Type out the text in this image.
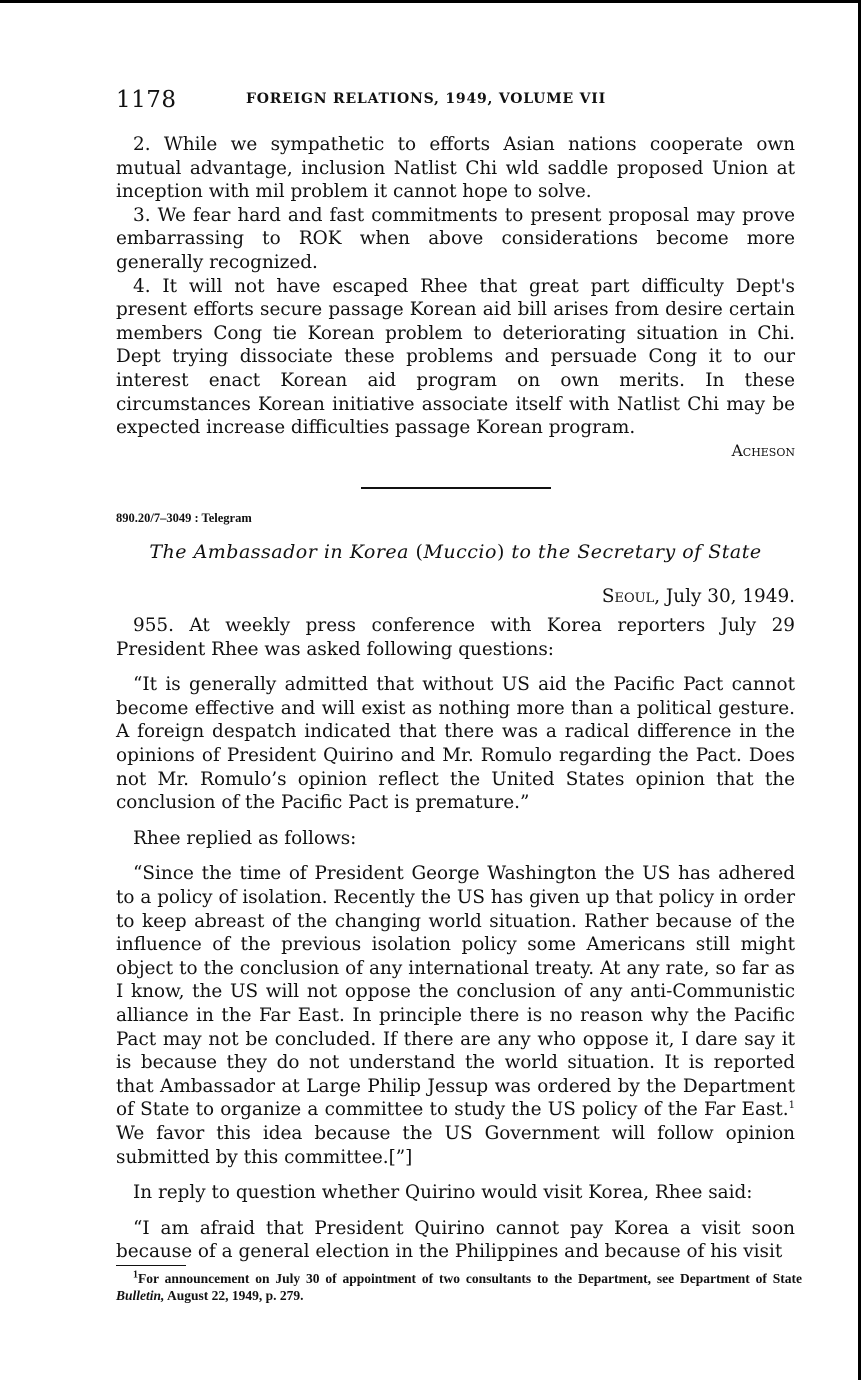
1178	FOREIGN RELATIONS, 1949, VOLUME VII

2. While we sympathetic to efforts Asian nations cooperate own mutual advantage, inclusion Natlist Chi wld saddle proposed Union at inception with mil problem it cannot hope to solve.

3. We fear hard and fast commitments to present proposal may prove embarrassing to ROK when above considerations become more generally recognized.

4. It will not have escaped Rhee that great part difficulty Dept's present efforts secure passage Korean aid bill arises from desire certain members Cong tie Korean problem to deteriorating situation in Chi. Dept trying dissociate these problems and persuade Cong it to our interest enact Korean aid program on own merits. In these circumstances Korean initiative associate itself with Natlist Chi may be expected increase difficulties passage Korean program.

Acheson

890.20/7–3049 : Telegram

The Ambassador in Korea (Muccio) to the Secretary of State

Seoul, July 30, 1949.

955. At weekly press conference with Korea reporters July 29 President Rhee was asked following questions:

“It is generally admitted that without US aid the Pacific Pact cannot become effective and will exist as nothing more than a political gesture. A foreign despatch indicated that there was a radical difference in the opinions of President Quirino and Mr. Romulo regarding the Pact. Does not Mr. Romulo’s opinion reflect the United States opinion that the conclusion of the Pacific Pact is premature.”

Rhee replied as follows:

“Since the time of President George Washington the US has adhered to a policy of isolation. Recently the US has given up that policy in order to keep abreast of the changing world situation. Rather because of the influence of the previous isolation policy some Americans still might object to the conclusion of any international treaty. At any rate, so far as I know, the US will not oppose the conclusion of any anti-Communistic alliance in the Far East. In principle there is no reason why the Pacific Pact may not be concluded. If there are any who oppose it, I dare say it is because they do not understand the world situation. It is reported that Ambassador at Large Philip Jessup was ordered by the Department of State to organize a committee to study the US policy of the Far East.$^1$ We favor this idea because the US Government will follow opinion submitted by this committee.[”]

In reply to question whether Quirino would visit Korea, Rhee said:

“I am afraid that President Quirino cannot pay Korea a visit soon because of a general election in the Philippines and because of his visit

$^1$For announcement on July 30 of appointment of two consultants to the Department, see Department of State Bulletin, August 22, 1949, p. 279.
